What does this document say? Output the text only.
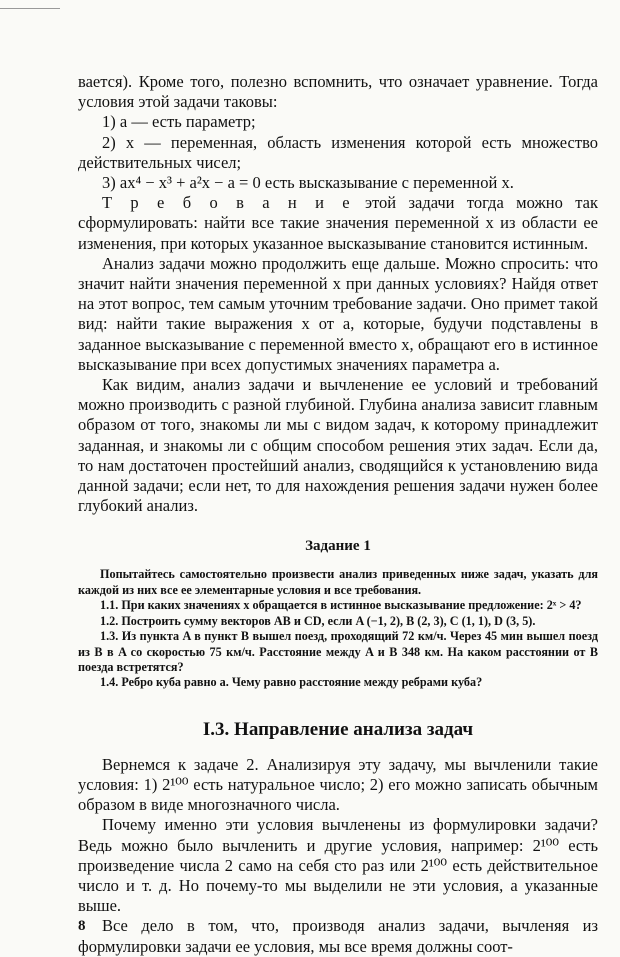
вается). Кроме того, полезно вспомнить, что означает уравнение. Тогда условия этой задачи таковы:

1) a — есть параметр;

2) x — переменная, область изменения которой есть множество действительных чисел;

3) ax⁴ − x³ + a²x − a = 0 есть высказывание с переменной x.

Т р е б о в а н и е этой задачи тогда можно так сформулировать: найти все такие значения переменной x из области ее изменения, при которых указанное высказывание становится истинным.

Анализ задачи можно продолжить еще дальше. Можно спросить: что значит найти значения переменной x при данных условиях? Найдя ответ на этот вопрос, тем самым уточним требование задачи. Оно примет такой вид: найти такие выражения x от a, которые, будучи подставлены в заданное высказывание с переменной вместо x, обращают его в истинное высказывание при всех допустимых значениях параметра a.

Как видим, анализ задачи и вычленение ее условий и требований можно производить с разной глубиной. Глубина анализа зависит главным образом от того, знакомы ли мы с видом задач, к которому принадлежит заданная, и знакомы ли с общим способом решения этих задач. Если да, то нам достаточен простейший анализ, сводящийся к установлению вида данной задачи; если нет, то для нахождения решения задачи нужен более глубокий анализ.

Задание 1

Попытайтесь самостоятельно произвести анализ приведенных ниже задач, указать для каждой из них все ее элементарные условия и все требования.

1.1. При каких значениях x обращается в истинное высказывание предложение: 2ˣ > 4?

1.2. Построить сумму векторов AB и CD, если A (−1, 2), B (2, 3), C (1, 1), D (3, 5).

1.3. Из пункта A в пункт B вышел поезд, проходящий 72 км/ч. Через 45 мин вышел поезд из B в A со скоростью 75 км/ч. Расстояние между A и B 348 км. На каком расстоянии от B поезда встретятся?

1.4. Ребро куба равно a. Чему равно расстояние между ребрами куба?

I.3. Направление анализа задач

Вернемся к задаче 2. Анализируя эту задачу, мы вычленили такие условия: 1) 2¹⁰⁰ есть натуральное число; 2) его можно записать обычным образом в виде многозначного числа.

Почему именно эти условия вычленены из формулировки задачи? Ведь можно было вычленить и другие условия, например: 2¹⁰⁰ есть произведение числа 2 само на себя сто раз или 2¹⁰⁰ есть действительное число и т. д. Но почему-то мы выделили не эти условия, а указанные выше.

Все дело в том, что, производя анализ задачи, вычленяя из формулировки задачи ее условия, мы все время должны соот-

8
